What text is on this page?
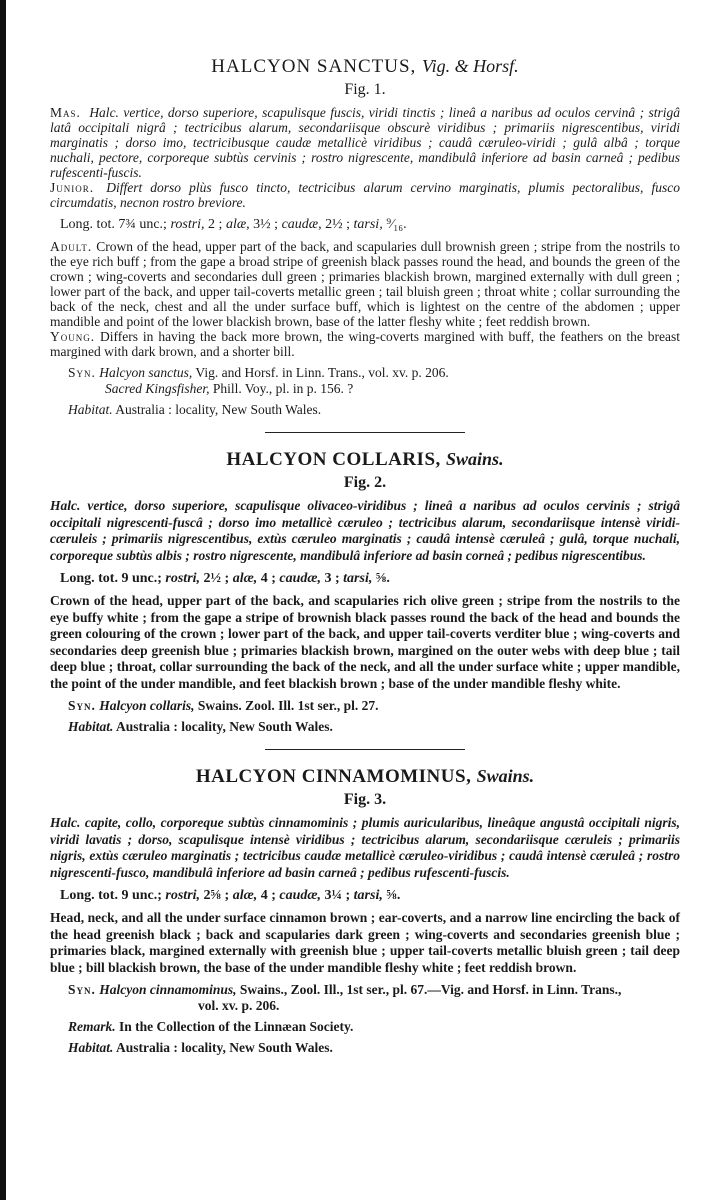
HALCYON SANCTUS, Vig. & Horsf.
Fig. 1.
Mas. Halc. vertice, dorso superiore, scapulisque fuscis, viridi tinctis ; lineâ a naribus ad oculos cervinâ ; strigâ latâ occipitali nigrâ ; tectricibus alarum, secondariisque obscurè viridibus ; primariis nigrescentibus, viridi marginatis ; dorso imo, tectricibusque caudæ metallicè viridibus ; caudâ cæruleo-viridi ; gulâ albâ ; torque nuchali, pectore, corporeque subtùs cervinis ; rostro nigrescente, mandibulâ inferiore ad basin carneâ ; pedibus rufescenti-fuscis.
Junior. Differt dorso plùs fusco tincto, tectricibus alarum cervino marginatis, plumis pectoralibus, fusco circumdatis, necnon rostro breviore.
Long. tot. 7¾ unc.; rostri, 2 ; alæ, 3½ ; caudæ, 2½ ; tarsi, ⁹⁄₁₆.
Adult. Crown of the head, upper part of the back, and scapularies dull brownish green ; stripe from the nostrils to the eye rich buff ; from the gape a broad stripe of greenish black passes round the head, and bounds the green of the crown ; wing-coverts and secondaries dull green ; primaries blackish brown, margined externally with dull green ; lower part of the back, and upper tail-coverts metallic green ; tail bluish green ; throat white ; collar surrounding the back of the neck, chest and all the under surface buff, which is lightest on the centre of the abdomen ; upper mandible and point of the lower blackish brown, base of the latter fleshy white ; feet reddish brown.
Young. Differs in having the back more brown, the wing-coverts margined with buff, the feathers on the breast margined with dark brown, and a shorter bill.
Syn. Halcyon sanctus, Vig. and Horsf. in Linn. Trans., vol. xv. p. 206.
Sacred Kingsfisher, Phill. Voy., pl. in p. 156. ?
Habitat. Australia : locality, New South Wales.
HALCYON COLLARIS, Swains.
Fig. 2.
Halc. vertice, dorso superiore, scapulisque olivaceo-viridibus ; lineâ a naribus ad oculos cervinis ; strigâ occipitali nigrescenti-fuscâ ; dorso imo metallicè cæruleo ; tectricibus alarum, secondariisque intensè viridi-cæruleis ; primariis nigrescentibus, extùs cæruleo marginatis ; caudâ intensè cæruleâ ; gulâ, torque nuchali, corporeque subtùs albis ; rostro nigrescente, mandibulâ inferiore ad basin corneâ ; pedibus nigrescentibus.
Long. tot. 9 unc.; rostri, 2½ ; alæ, 4 ; caudæ, 3 ; tarsi, ⅝.
Crown of the head, upper part of the back, and scapularies rich olive green ; stripe from the nostrils to the eye buffy white ; from the gape a stripe of brownish black passes round the back of the head and bounds the green colouring of the crown ; lower part of the back, and upper tail-coverts verditer blue ; wing-coverts and secondaries deep greenish blue ; primaries blackish brown, margined on the outer webs with deep blue ; tail deep blue ; throat, collar surrounding the back of the neck, and all the under surface white ; upper mandible, the point of the under mandible, and feet blackish brown ; base of the under mandible fleshy white.
Syn. Halcyon collaris, Swains. Zool. Ill. 1st ser., pl. 27.
Habitat. Australia : locality, New South Wales.
HALCYON CINNAMOMINUS, Swains.
Fig. 3.
Halc. capite, collo, corporeque subtùs cinnamominis ; plumis auricularibus, lineâque angustâ occipitali nigris, viridi lavatis ; dorso, scapulisque intensè viridibus ; tectricibus alarum, secondariisque cæruleis ; primariis nigris, extùs cæruleo marginatis ; tectricibus caudæ metallicè cæruleo-viridibus ; caudâ intensè cæruleâ ; rostro nigrescenti-fusco, mandibulâ inferiore ad basin carneâ ; pedibus rufescenti-fuscis.
Long. tot. 9 unc.; rostri, 2⅝ ; alæ, 4 ; caudæ, 3¼ ; tarsi, ⅝.
Head, neck, and all the under surface cinnamon brown ; ear-coverts, and a narrow line encircling the back of the head greenish black ; back and scapularies dark green ; wing-coverts and secondaries greenish blue ; primaries black, margined externally with greenish blue ; upper tail-coverts metallic bluish green ; tail deep blue ; bill blackish brown, the base of the under mandible fleshy white ; feet reddish brown.
Syn. Halcyon cinnamominus, Swains., Zool. Ill., 1st ser., pl. 67.—Vig. and Horsf. in Linn. Trans.,
vol. xv. p. 206.
Remark. In the Collection of the Linnæan Society.
Habitat. Australia : locality, New South Wales.
